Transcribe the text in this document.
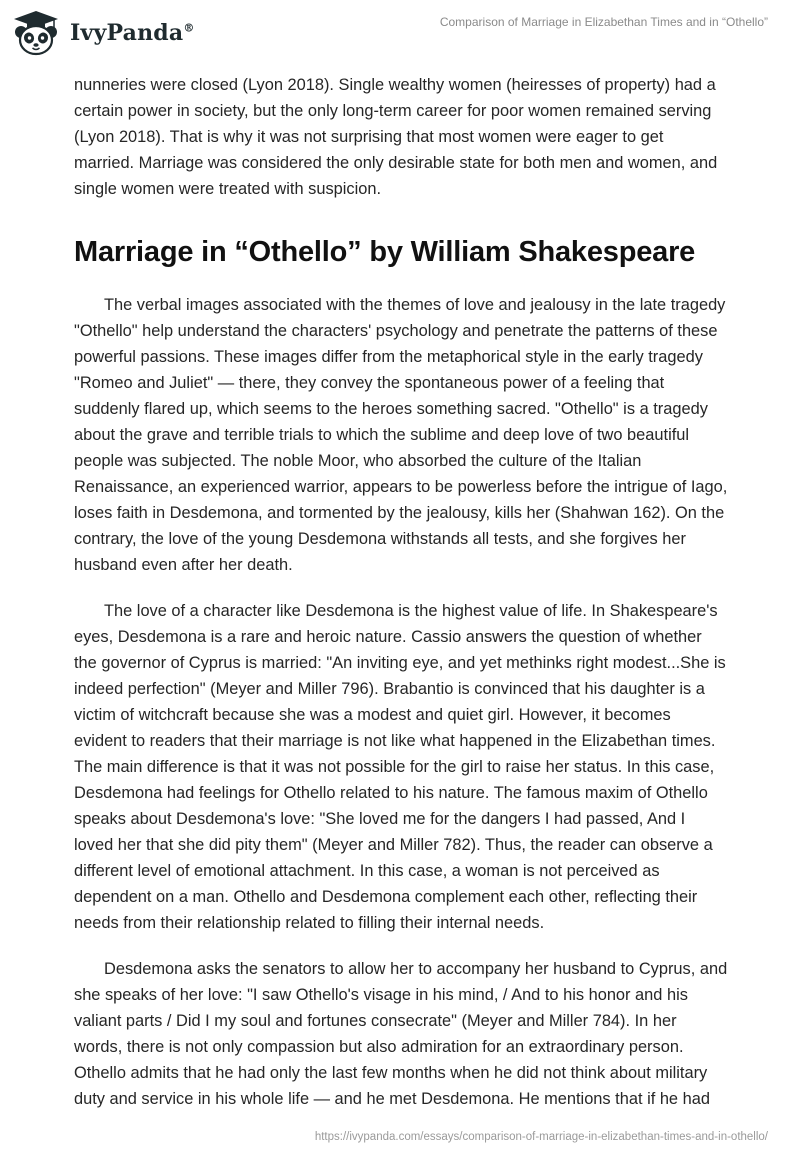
IvyPanda®	Comparison of Marriage in Elizabethan Times and in “Othello”

nunneries were closed (Lyon 2018). Single wealthy women (heiresses of property) had a certain power in society, but the only long-term career for poor women remained serving (Lyon 2018). That is why it was not surprising that most women were eager to get married. Marriage was considered the only desirable state for both men and women, and single women were treated with suspicion.

Marriage in “Othello” by William Shakespeare

The verbal images associated with the themes of love and jealousy in the late tragedy "Othello" help understand the characters' psychology and penetrate the patterns of these powerful passions. These images differ from the metaphorical style in the early tragedy "Romeo and Juliet" — there, they convey the spontaneous power of a feeling that suddenly flared up, which seems to the heroes something sacred. "Othello" is a tragedy about the grave and terrible trials to which the sublime and deep love of two beautiful people was subjected. The noble Moor, who absorbed the culture of the Italian Renaissance, an experienced warrior, appears to be powerless before the intrigue of Iago, loses faith in Desdemona, and tormented by the jealousy, kills her (Shahwan 162). On the contrary, the love of the young Desdemona withstands all tests, and she forgives her husband even after her death.

The love of a character like Desdemona is the highest value of life. In Shakespeare's eyes, Desdemona is a rare and heroic nature. Cassio answers the question of whether the governor of Cyprus is married: "An inviting eye, and yet methinks right modest...She is indeed perfection" (Meyer and Miller 796). Brabantio is convinced that his daughter is a victim of witchcraft because she was a modest and quiet girl. However, it becomes evident to readers that their marriage is not like what happened in the Elizabethan times. The main difference is that it was not possible for the girl to raise her status. In this case, Desdemona had feelings for Othello related to his nature. The famous maxim of Othello speaks about Desdemona's love: "She loved me for the dangers I had passed, And I loved her that she did pity them" (Meyer and Miller 782). Thus, the reader can observe a different level of emotional attachment. In this case, a woman is not perceived as dependent on a man. Othello and Desdemona complement each other, reflecting their needs from their relationship related to filling their internal needs.

Desdemona asks the senators to allow her to accompany her husband to Cyprus, and she speaks of her love: "I saw Othello's visage in his mind, / And to his honor and his valiant parts / Did I my soul and fortunes consecrate" (Meyer and Miller 784). In her words, there is not only compassion but also admiration for an extraordinary person. Othello admits that he had only the last few months when he did not think about military duty and service in his whole life — and he met Desdemona. He mentions that if he had

https://ivypanda.com/essays/comparison-of-marriage-in-elizabethan-times-and-in-othello/
